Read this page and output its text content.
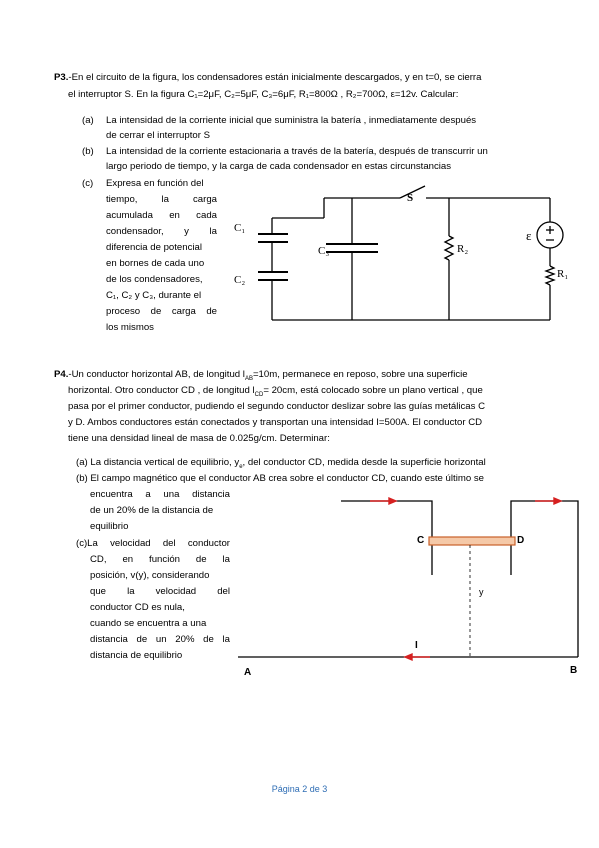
P3.-En el circuito de la figura, los condensadores están inicialmente descargados, y en t=0, se cierra
el interruptor S. En la figura C₁=2μF, C₂=5μF, C₃=6μF, R₁=800Ω , R₂=700Ω, ε=12v. Calcular:
(a) La intensidad de la corriente inicial que suministra la batería , inmediatamente después
de cerrar el interruptor S
(b) La intensidad de la corriente estacionaria a través de la batería, después de transcurrir un
largo periodo de tiempo, y la carga de cada condensador en estas circunstancias
(c) Expresa en función del
tiempo, la carga
acumulada en cada
condensador, y la
diferencia de potencial
en bornes de cada uno
de los condensadores,
C₁, C₂ y C₃, durante el
proceso de carga de
los mismos
C₁
C₂
C₃
S
R₂
R₁
ε
P4.-Un conductor horizontal AB, de longitud $l_{AB}=10m$, permanece en reposo, sobre una superficie
horizontal. Otro conductor CD , de longitud $l_{CD}= 20cm$, está colocado sobre un plano vertical , que
pasa por el primer conductor, pudiendo el segundo conductor deslizar sobre las guías metálicas C
y D. Ambos conductores están conectados y transportan una intensidad I=500A. El conductor CD
tiene una densidad lineal de masa de 0.025g/cm. Determinar:
(a) La distancia vertical de equilibrio, $y_e$, del conductor CD, medida desde la superficie horizontal
(b) El campo magnético que el conductor AB crea sobre el conductor CD, cuando este último se
encuentra a una distancia
de un 20% de la distancia de
equilibrio
(c)La velocidad del conductor
CD, en función de la
posición, v(y), considerando
que la velocidad del
conductor CD es nula,
cuando se encuentra a una
distancia de un 20% de la
distancia de equilibrio
C	D
y
I
A	B
Página 2 de 3
